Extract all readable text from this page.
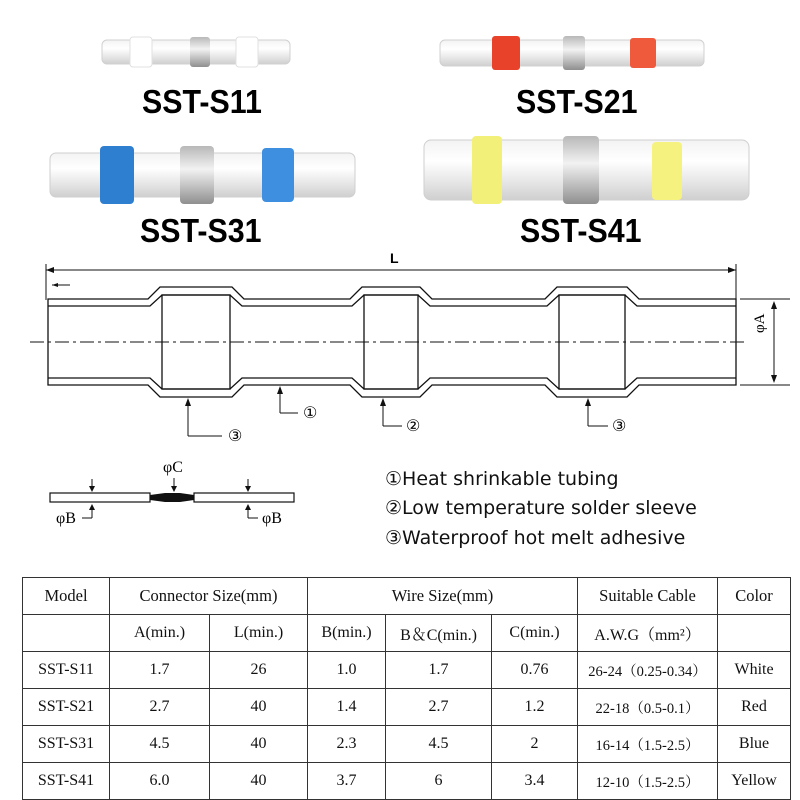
SST-S11	SST-S21
SST-S31	SST-S41
L
φA
①
③
②	③
φC
φB	φB
①Heat shrinkable tubing
②Low temperature solder sleeve
③Waterproof hot melt adhesive
Model	Connector Size(mm)		Wire Size(mm)			Suitable Cable	Color
	A(min.)	L(min.)	B(min.)	B＆C(min.)	C(min.)	A.W.G（mm²）	
SST-S11	1.7	26	1.0	1.7	0.76	26-24（0.25-0.34）	White
SST-S21	2.7	40	1.4	2.7	1.2	22-18（0.5-0.1）	Red
SST-S31	4.5	40	2.3	4.5	2	16-14（1.5-2.5）	Blue
SST-S41	6.0	40	3.7	6	3.4	12-10（1.5-2.5）	Yellow
